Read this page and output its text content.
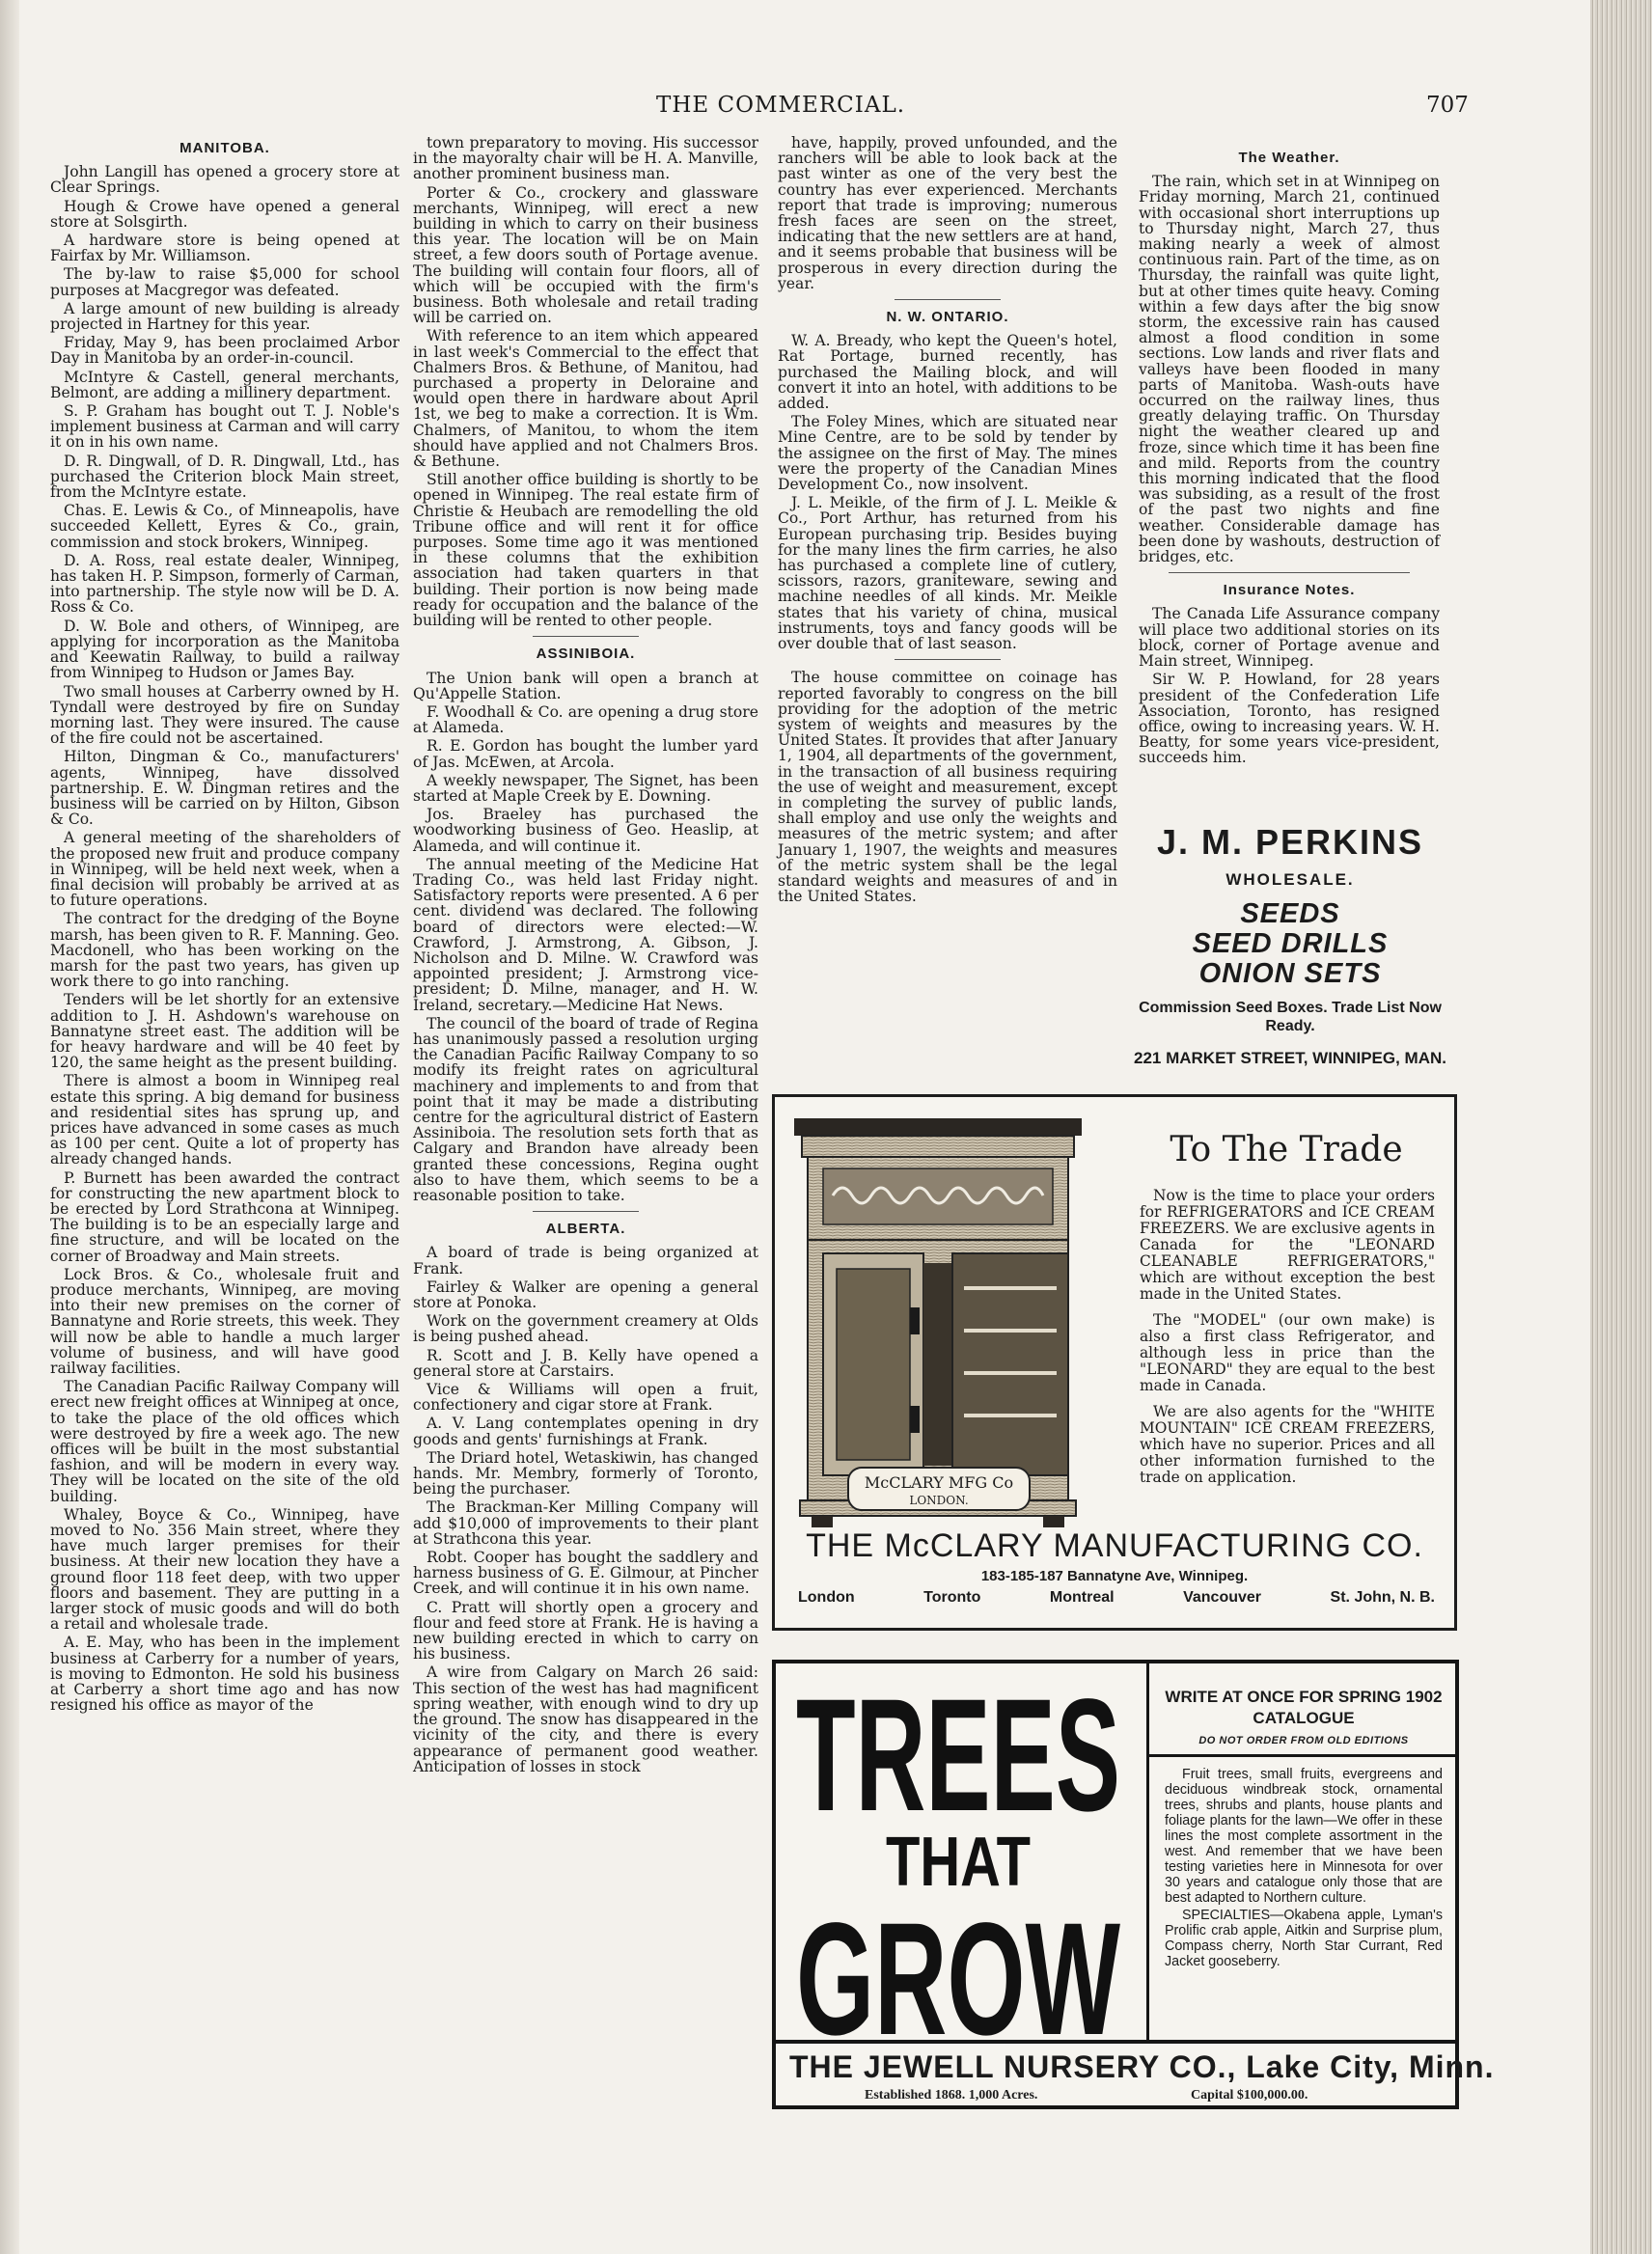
THE COMMERCIAL.	707
MANITOBA.

John Langill has opened a grocery store at Clear Springs.

Hough & Crowe have opened a general store at Solsgirth.

A hardware store is being opened at Fairfax by Mr. Williamson.

The by-law to raise $5,000 for school purposes at Macgregor was defeated.

A large amount of new building is already projected in Hartney for this year.

Friday, May 9, has been proclaimed Arbor Day in Manitoba by an order-in-council.

McIntyre & Castell, general merchants, Belmont, are adding a millinery department.

S. P. Graham has bought out T. J. Noble's implement business at Carman and will carry it on in his own name.

D. R. Dingwall, of D. R. Dingwall, Ltd., has purchased the Criterion block Main street, from the McIntyre estate.

Chas. E. Lewis & Co., of Minneapolis, have succeeded Kellett, Eyres & Co., grain, commission and stock brokers, Winnipeg.

D. A. Ross, real estate dealer, Winnipeg, has taken H. P. Simpson, formerly of Carman, into partnership. The style now will be D. A. Ross & Co.

D. W. Bole and others, of Winnipeg, are applying for incorporation as the Manitoba and Keewatin Railway, to build a railway from Winnipeg to Hudson or James Bay.

Two small houses at Carberry owned by H. Tyndall were destroyed by fire on Sunday morning last. They were insured. The cause of the fire could not be ascertained.

Hilton, Dingman & Co., manufacturers' agents, Winnipeg, have dissolved partnership. E. W. Dingman retires and the business will be carried on by Hilton, Gibson & Co.

A general meeting of the shareholders of the proposed new fruit and produce company in Winnipeg, will be held next week, when a final decision will probably be arrived at as to future operations.

The contract for the dredging of the Boyne marsh, has been given to R. F. Manning. Geo. Macdonell, who has been working on the marsh for the past two years, has given up work there to go into ranching.

Tenders will be let shortly for an extensive addition to J. H. Ashdown's warehouse on Bannatyne street east. The addition will be for heavy hardware and will be 40 feet by 120, the same height as the present building.

There is almost a boom in Winnipeg real estate this spring. A big demand for business and residential sites has sprung up, and prices have advanced in some cases as much as 100 per cent. Quite a lot of property has already changed hands.

P. Burnett has been awarded the contract for constructing the new apartment block to be erected by Lord Strathcona at Winnipeg. The building is to be an especially large and fine structure, and will be located on the corner of Broadway and Main streets.

Lock Bros. & Co., wholesale fruit and produce merchants, Winnipeg, are moving into their new premises on the corner of Bannatyne and Rorie streets, this week. They will now be able to handle a much larger volume of business, and will have good railway facilities.

The Canadian Pacific Railway Company will erect new freight offices at Winnipeg at once, to take the place of the old offices which were destroyed by fire a week ago. The new offices will be built in the most substantial fashion, and will be modern in every way. They will be located on the site of the old building.

Whaley, Boyce & Co., Winnipeg, have moved to No. 356 Main street, where they have much larger premises for their business. At their new location they have a ground floor 118 feet deep, with two upper floors and basement. They are putting in a larger stock of music goods and will do both a retail and wholesale trade.

A. E. May, who has been in the implement business at Carberry for a number of years, is moving to Edmonton. He sold his business at Carberry a short time ago and has now resigned his office as mayor of the

town preparatory to moving. His successor in the mayoralty chair will be H. A. Manville, another prominent business man.

Porter & Co., crockery and glassware merchants, Winnipeg, will erect a new building in which to carry on their business this year. The location will be on Main street, a few doors south of Portage avenue. The building will contain four floors, all of which will be occupied with the firm's business. Both wholesale and retail trading will be carried on.

With reference to an item which appeared in last week's Commercial to the effect that Chalmers Bros. & Bethune, of Manitou, had purchased a property in Deloraine and would open there in hardware about April 1st, we beg to make a correction. It is Wm. Chalmers, of Manitou, to whom the item should have applied and not Chalmers Bros. & Bethune.

Still another office building is shortly to be opened in Winnipeg. The real estate firm of Christie & Heubach are remodelling the old Tribune office and will rent it for office purposes. Some time ago it was mentioned in these columns that the exhibition association had taken quarters in that building. Their portion is now being made ready for occupation and the balance of the building will be rented to other people.

ASSINIBOIA.

The Union bank will open a branch at Qu'Appelle Station.

F. Woodhall & Co. are opening a drug store at Alameda.

R. E. Gordon has bought the lumber yard of Jas. McEwen, at Arcola.

A weekly newspaper, The Signet, has been started at Maple Creek by E. Downing.

Jos. Braeley has purchased the woodworking business of Geo. Heaslip, at Alameda, and will continue it.

The annual meeting of the Medicine Hat Trading Co., was held last Friday night. Satisfactory reports were presented. A 6 per cent. dividend was declared. The following board of directors were elected:—W. Crawford, J. Armstrong, A. Gibson, J. Nicholson and D. Milne. W. Crawford was appointed president; J. Armstrong vice-president; D. Milne, manager, and H. W. Ireland, secretary.—Medicine Hat News.

The council of the board of trade of Regina has unanimously passed a resolution urging the Canadian Pacific Railway Company to so modify its freight rates on agricultural machinery and implements to and from that point that it may be made a distributing centre for the agricultural district of Eastern Assiniboia. The resolution sets forth that as Calgary and Brandon have already been granted these concessions, Regina ought also to have them, which seems to be a reasonable position to take.

ALBERTA.

A board of trade is being organized at Frank.

Fairley & Walker are opening a general store at Ponoka.

Work on the government creamery at Olds is being pushed ahead.

R. Scott and J. B. Kelly have opened a general store at Carstairs.

Vice & Williams will open a fruit, confectionery and cigar store at Frank.

A. V. Lang contemplates opening in dry goods and gents' furnishings at Frank.

The Driard hotel, Wetaskiwin, has changed hands. Mr. Membry, formerly of Toronto, being the purchaser.

The Brackman-Ker Milling Company will add $10,000 of improvements to their plant at Strathcona this year.

Robt. Cooper has bought the saddlery and harness business of G. E. Gilmour, at Pincher Creek, and will continue it in his own name.

C. Pratt will shortly open a grocery and flour and feed store at Frank. He is having a new building erected in which to carry on his business.

A wire from Calgary on March 26 said: This section of the west has had magnificent spring weather, with enough wind to dry up the ground. The snow has disappeared in the vicinity of the city, and there is every appearance of permanent good weather. Anticipation of losses in stock

have, happily, proved unfounded, and the ranchers will be able to look back at the past winter as one of the very best the country has ever experienced. Merchants report that trade is improving; numerous fresh faces are seen on the street, indicating that the new settlers are at hand, and it seems probable that business will be prosperous in every direction during the year.

N. W. ONTARIO.

W. A. Bready, who kept the Queen's hotel, Rat Portage, burned recently, has purchased the Mailing block, and will convert it into an hotel, with additions to be added.

The Foley Mines, which are situated near Mine Centre, are to be sold by tender by the assignee on the first of May. The mines were the property of the Canadian Mines Development Co., now insolvent.

J. L. Meikle, of the firm of J. L. Meikle & Co., Port Arthur, has returned from his European purchasing trip. Besides buying for the many lines the firm carries, he also has purchased a complete line of cutlery, scissors, razors, graniteware, sewing and machine needles of all kinds. Mr. Meikle states that his variety of china, musical instruments, toys and fancy goods will be over double that of last season.

The house committee on coinage has reported favorably to congress on the bill providing for the adoption of the metric system of weights and measures by the United States. It provides that after January 1, 1904, all departments of the government, in the transaction of all business requiring the use of weight and measurement, except in completing the survey of public lands, shall employ and use only the weights and measures of the metric system; and after January 1, 1907, the weights and measures of the metric system shall be the legal standard weights and measures of and in the United States.

The Weather.

The rain, which set in at Winnipeg on Friday morning, March 21, continued with occasional short interruptions up to Thursday night, March 27, thus making nearly a week of almost continuous rain. Part of the time, as on Thursday, the rainfall was quite light, but at other times quite heavy. Coming within a few days after the big snow storm, the excessive rain has caused almost a flood condition in some sections. Low lands and river flats and valleys have been flooded in many parts of Manitoba. Wash-outs have occurred on the railway lines, thus greatly delaying traffic. On Thursday night the weather cleared up and froze, since which time it has been fine and mild. Reports from the country this morning indicated that the flood was subsiding, as a result of the frost of the past two nights and fine weather. Considerable damage has been done by washouts, destruction of bridges, etc.

Insurance Notes.

The Canada Life Assurance company will place two additional stories on its block, corner of Portage avenue and Main street, Winnipeg.

Sir W. P. Howland, for 28 years president of the Confederation Life Association, Toronto, has resigned office, owing to increasing years. W. H. Beatty, for some years vice-president, succeeds him.

J. M. PERKINS
WHOLESALE.
SEEDS
SEED DRILLS
ONION SETS
Commission Seed Boxes. Trade List Now Ready.
221 MARKET STREET, WINNIPEG, MAN.
McCLARY MFG Co
LONDON.
To The Trade

Now is the time to place your orders for REFRIGERATORS and ICE CREAM FREEZERS. We are exclusive agents in Canada for the "LEONARD CLEANABLE REFRIGERATORS," which are without exception the best made in the United States.

The "MODEL" (our own make) is also a first class Refrigerator, and although less in price than the "LEONARD" they are equal to the best made in Canada.

We are also agents for the "WHITE MOUNTAIN" ICE CREAM FREEZERS, which have no superior. Prices and all other information furnished to the trade on application.

THE McCLARY MANUFACTURING CO.
183-185-187 Bannatyne Ave, Winnipeg.
London	Toronto	Montreal	Vancouver	St. John, N. B.
TREES
THAT
GROW
WRITE AT ONCE FOR SPRING 1902 CATALOGUE
DO NOT ORDER FROM OLD EDITIONS

Fruit trees, small fruits, evergreens and deciduous windbreak stock, ornamental trees, shrubs and plants, house plants and foliage plants for the lawn—We offer in these lines the most complete assortment in the west. And remember that we have been testing varieties here in Minnesota for over 30 years and catalogue only those that are best adapted to Northern culture.

SPECIALTIES—Okabena apple, Lyman's Prolific crab apple, Aitkin and Surprise plum, Compass cherry, North Star Currant, Red Jacket gooseberry.

THE JEWELL NURSERY CO., Lake City, Minn.
Established 1868. 1,000 Acres.	Capital $100,000.00.
